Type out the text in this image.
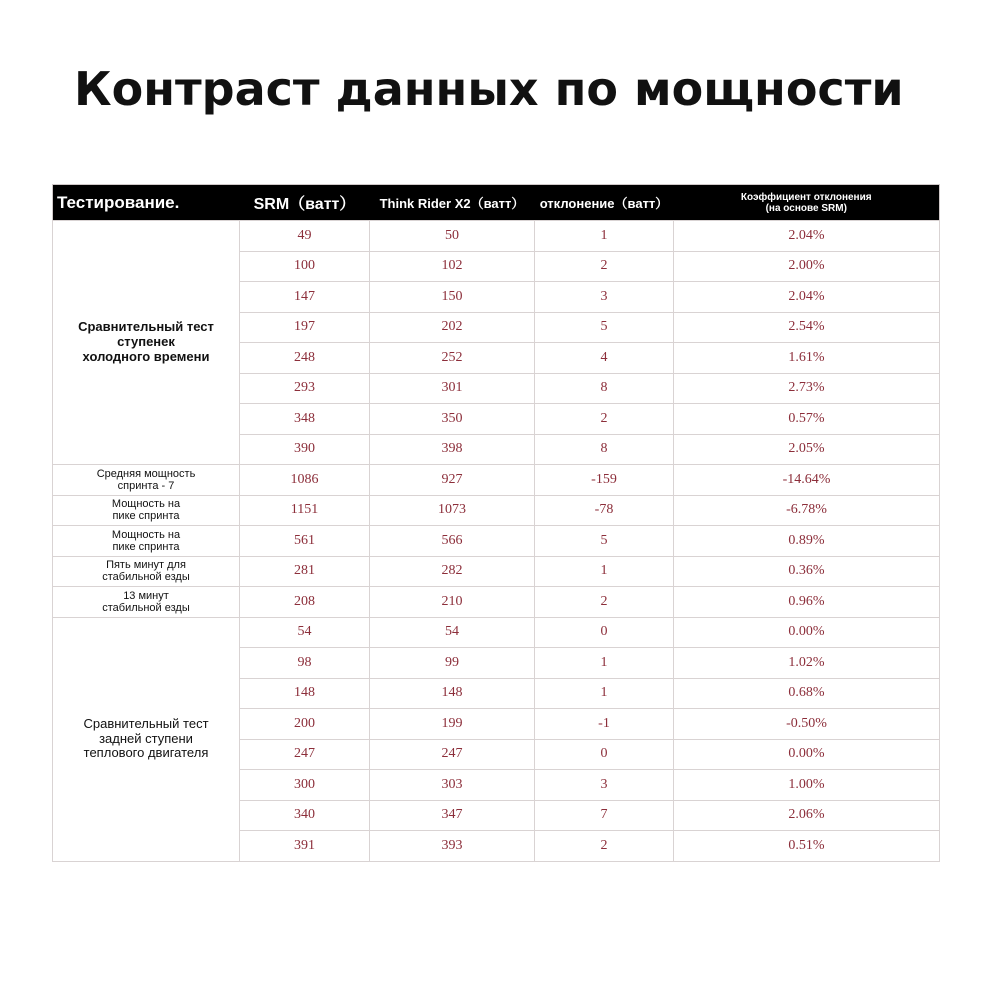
Контраст данных по мощности
Тестирование.	SRM（ватт）	Think Rider X2（ватт）	отклонение（ватт）	Коэффициент отклонения
(на основе SRM)

Сравнительный тест
ступенек
холодного времени	49	50	1	2.04%
	100	102	2	2.00%
	147	150	3	2.04%
	197	202	5	2.54%
	248	252	4	1.61%
	293	301	8	2.73%
	348	350	2	0.57%
	390	398	8	2.05%

Средняя мощность
спринта - 7	1086	927	-159	-14.64%

Мощность на
пике спринта	1151	1073	-78	-6.78%

Мощность на
пике спринта	561	566	5	0.89%

Пять минут для
стабильной езды	281	282	1	0.36%

13 минут
стабильной езды	208	210	2	0.96%

Сравнительный тест
задней ступени
теплового двигателя	54	54	0	0.00%
	98	99	1	1.02%
	148	148	1	0.68%
	200	199	-1	-0.50%
	247	247	0	0.00%
	300	303	3	1.00%
	340	347	7	2.06%
	391	393	2	0.51%
